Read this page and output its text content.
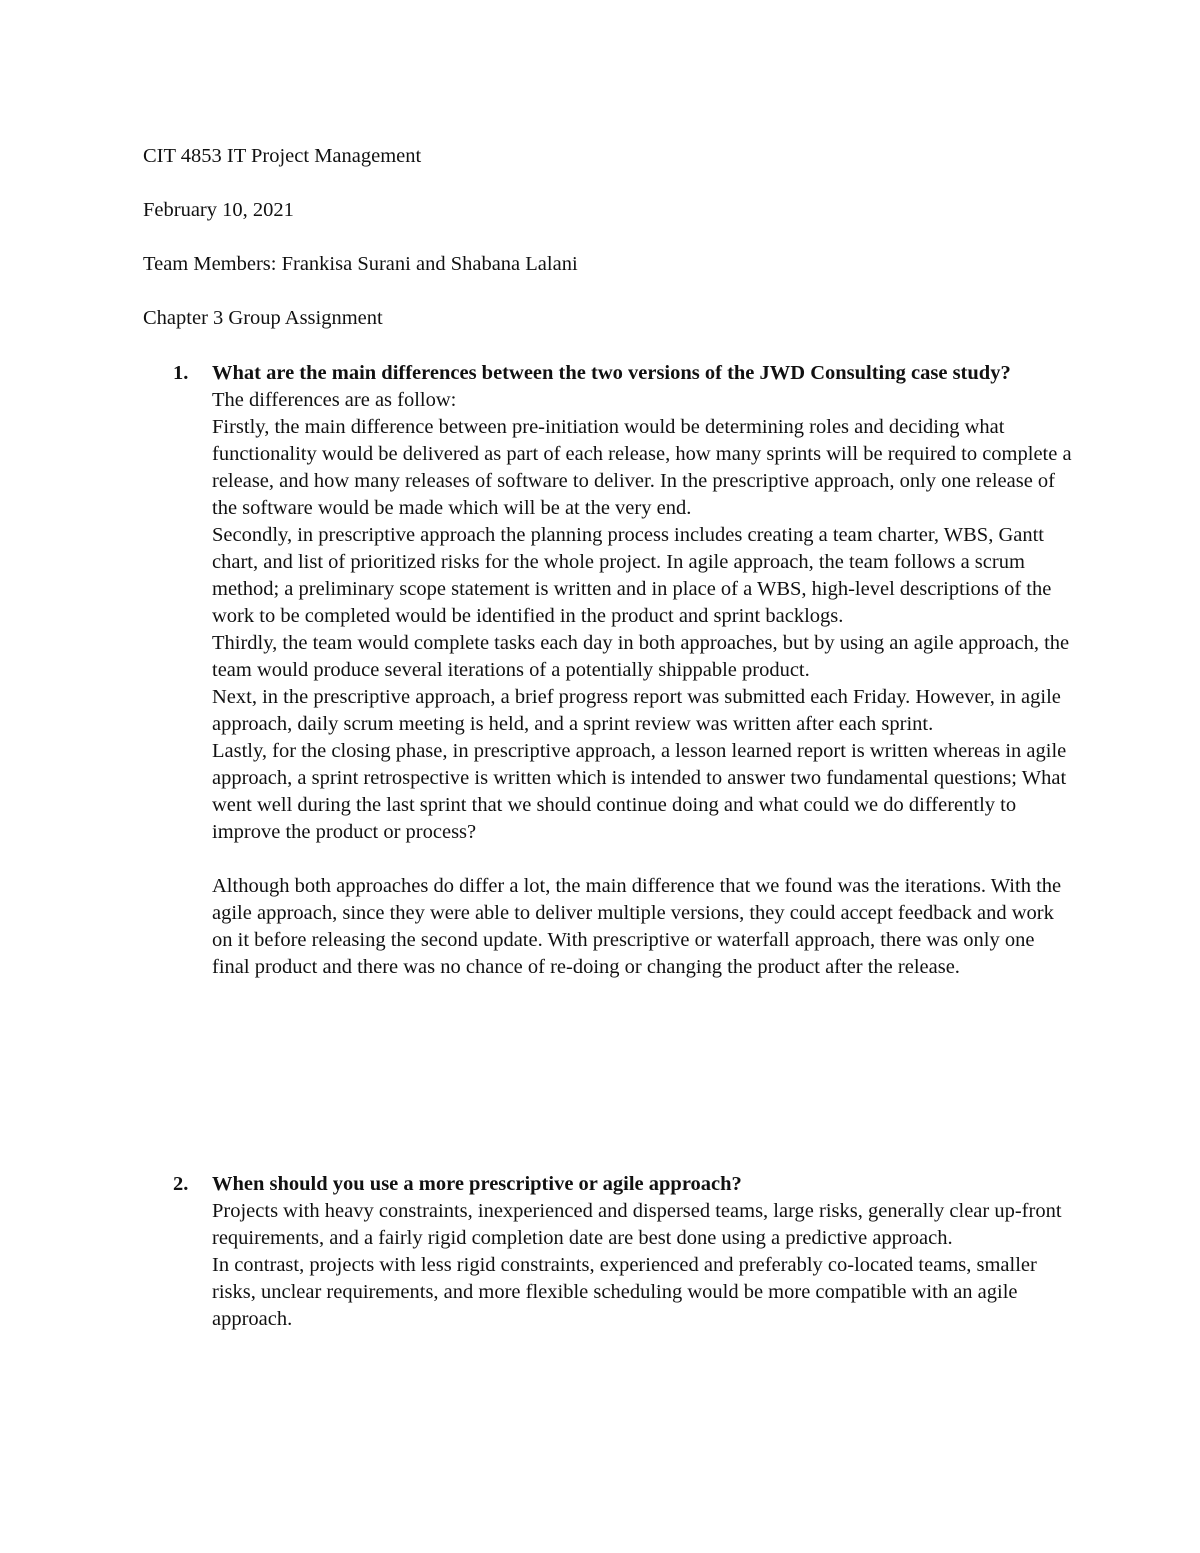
CIT 4853 IT Project Management
February 10, 2021
Team Members: Frankisa Surani and Shabana Lalani
Chapter 3 Group Assignment
1. What are the main differences between the two versions of the JWD Consulting case study?

The differences are as follow:

Firstly, the main difference between pre-initiation would be determining roles and deciding what functionality would be delivered as part of each release, how many sprints will be required to complete a release, and how many releases of software to deliver. In the prescriptive approach, only one release of the software would be made which will be at the very end.

Secondly, in prescriptive approach the planning process includes creating a team charter, WBS, Gantt chart, and list of prioritized risks for the whole project. In agile approach, the team follows a scrum method; a preliminary scope statement is written and in place of a WBS, high-level descriptions of the work to be completed would be identified in the product and sprint backlogs.

Thirdly, the team would complete tasks each day in both approaches, but by using an agile approach, the team would produce several iterations of a potentially shippable product.

Next, in the prescriptive approach, a brief progress report was submitted each Friday. However, in agile approach, daily scrum meeting is held, and a sprint review was written after each sprint.

Lastly, for the closing phase, in prescriptive approach, a lesson learned report is written whereas in agile approach, a sprint retrospective is written which is intended to answer two fundamental questions; What went well during the last sprint that we should continue doing and what could we do differently to improve the product or process?

Although both approaches do differ a lot, the main difference that we found was the iterations. With the agile approach, since they were able to deliver multiple versions, they could accept feedback and work on it before releasing the second update. With prescriptive or waterfall approach, there was only one final product and there was no chance of re-doing or changing the product after the release.

2. When should you use a more prescriptive or agile approach?

Projects with heavy constraints, inexperienced and dispersed teams, large risks, generally clear up-front requirements, and a fairly rigid completion date are best done using a predictive approach.

In contrast, projects with less rigid constraints, experienced and preferably co-located teams, smaller risks, unclear requirements, and more flexible scheduling would be more compatible with an agile approach.
